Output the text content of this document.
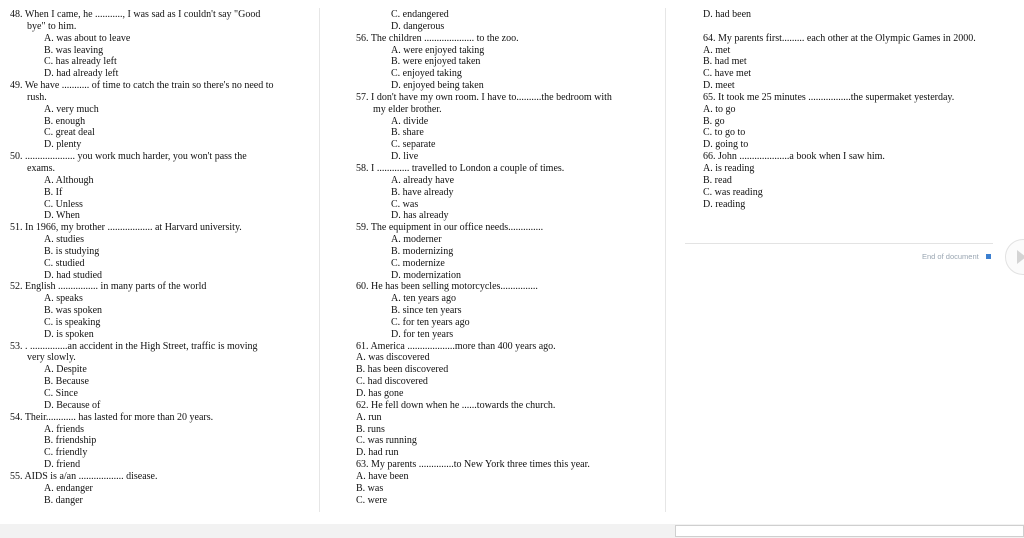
48. When I came, he ..........., I was sad as I couldn't say "Good
bye" to him.
A. was about to leave
B. was leaving
C. has already left
D. had already left
49. We have ........... of time to catch the train so there's no need to
rush.
A. very much
B. enough
C. great deal
D. plenty
50. .................... you work much harder, you won't pass the
exams.
A. Although
B. If
C. Unless
D. When
51. In 1966, my brother .................. at Harvard university.
A. studies
B. is studying
C. studied
D. had studied
52. English ................ in many parts of the world
A. speaks
B. was spoken
C. is speaking
D. is spoken
53. . ...............an accident in the High Street, traffic is moving
very slowly.
A. Despite
B. Because
C. Since
D. Because of
54. Their............ has lasted for more than 20 years.
A. friends
B. friendship
C. friendly
D. friend
55. AIDS is a/an .................. disease.
A. endanger
B. danger
C. endangered
D. dangerous
56. The children .................... to the zoo.
A. were enjoyed taking
B. were enjoyed taken
C. enjoyed taking
D. enjoyed being taken
57. I don't have my own room. I have to..........the bedroom with
my elder brother.
A. divide
B. share
C. separate
D. live
58. I ............. travelled to London a couple of times.
A. already have
B. have already
C. was
D. has already
59. The equipment in our office needs..............
A. moderner
B. modernizing
C. modernize
D. modernization
60. He has been selling motorcycles...............
A. ten years ago
B. since ten years
C. for ten years ago
D. for ten years
61. America ...................more than 400 years ago.
A. was discovered
B. has been discovered
C. had discovered
D. has gone
62. He fell down when he ......towards the church.
A. run
B. runs
C. was running
D. had run
63. My parents ..............to New York three times this year.
A. have been
B. was
C. were
D. had been
64. My parents first......... each other at the Olympic Games in 2000.
A. met
B. had met
C. have met
D. meet
65. It took me 25 minutes .................the supermaket yesterday.
A. to go
B. go
C. to go to
D. going to
66. John ....................a book when I saw him.
A. is reading
B. read
C. was reading
D. reading
End of document
